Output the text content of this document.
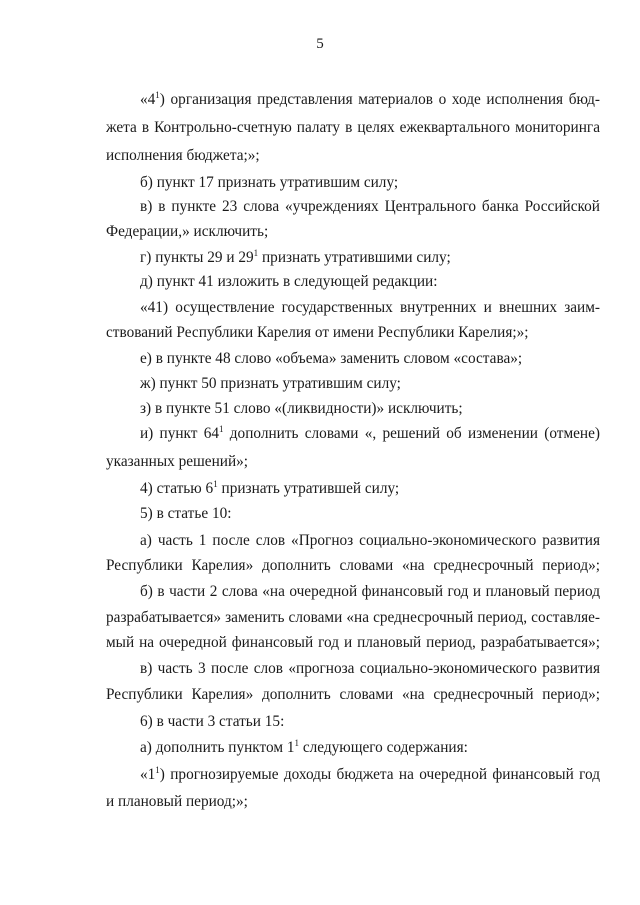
5
«$4^1$) организация представления материалов о ходе исполнения бюд-
жета в Контрольно-счетную палату в целях ежеквартального мониторинга
исполнения бюджета;»;
б) пункт 17 признать утратившим силу;
в) в пункте 23 слова «учреждениях Центрального банка Российской
Федерации,» исключить;
г) пункты 29 и $29^1$ признать утратившими силу;
д) пункт 41 изложить в следующей редакции:
«41) осуществление государственных внутренних и внешних заим-
ствований Республики Карелия от имени Республики Карелия;»;
е) в пункте 48 слово «объема» заменить словом «состава»;
ж) пункт 50 признать утратившим силу;
з) в пункте 51 слово «(ликвидности)» исключить;
и) пункт $64^1$ дополнить словами «, решений об изменении (отмене)
указанных решений»;
4) статью $6^1$ признать утратившей силу;
5) в статье 10:
а) часть 1 после слов «Прогноз социально-экономического развития
Республики Карелия» дополнить словами «на среднесрочный период»;
б) в части 2 слова «на очередной финансовый год и плановый период
разрабатывается» заменить словами «на среднесрочный период, составляе-
мый на очередной финансовый год и плановый период, разрабатывается»;
в) часть 3 после слов «прогноза социально-экономического развития
Республики Карелия» дополнить словами «на среднесрочный период»;
6) в части 3 статьи 15:
а) дополнить пунктом $1^1$ следующего содержания:
«$1^1$) прогнозируемые доходы бюджета на очередной финансовый год
и плановый период;»;
